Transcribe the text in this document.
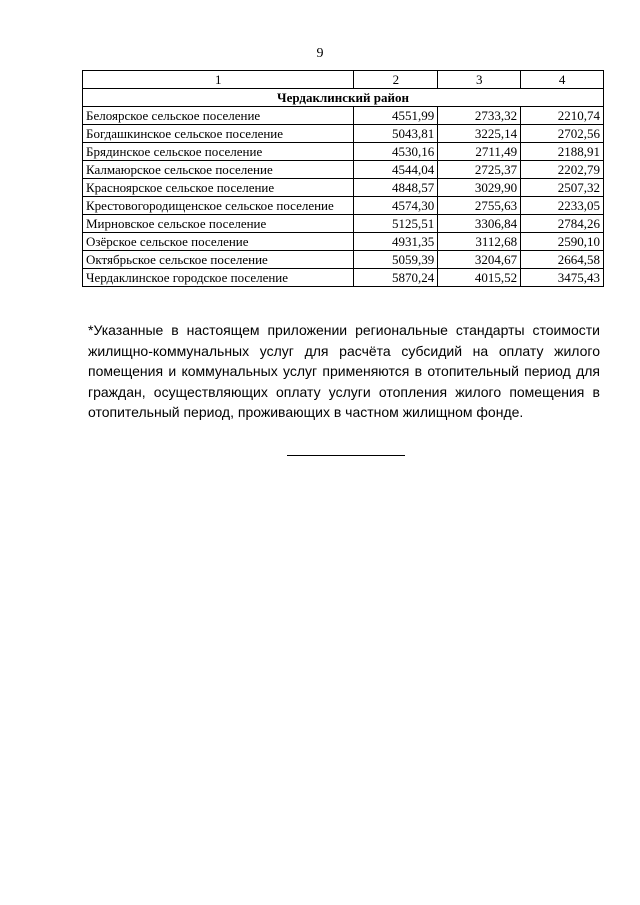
9
1	2	3	4
Чердаклинский район			
Белоярское сельское поселение	4551,99	2733,32	2210,74
Богдашкинское сельское поселение	5043,81	3225,14	2702,56
Брядинское сельское поселение	4530,16	2711,49	2188,91
Калмаюрское сельское поселение	4544,04	2725,37	2202,79
Красноярское сельское поселение	4848,57	3029,90	2507,32
Крестовогородищенское сельское поселение	4574,30	2755,63	2233,05
Мирновское сельское поселение	5125,51	3306,84	2784,26
Озёрское сельское поселение	4931,35	3112,68	2590,10
Октябрьское сельское поселение	5059,39	3204,67	2664,58
Чердаклинское городское поселение	5870,24	4015,52	3475,43
*Указанные в настоящем приложении региональные стандарты стоимости жилищно-коммунальных услуг для расчёта субсидий на оплату жилого помещения и коммунальных услуг применяются в отопительный период для граждан, осуществляющих оплату услуги отопления жилого помещения в отопительный период, проживающих в частном жилищном фонде.
